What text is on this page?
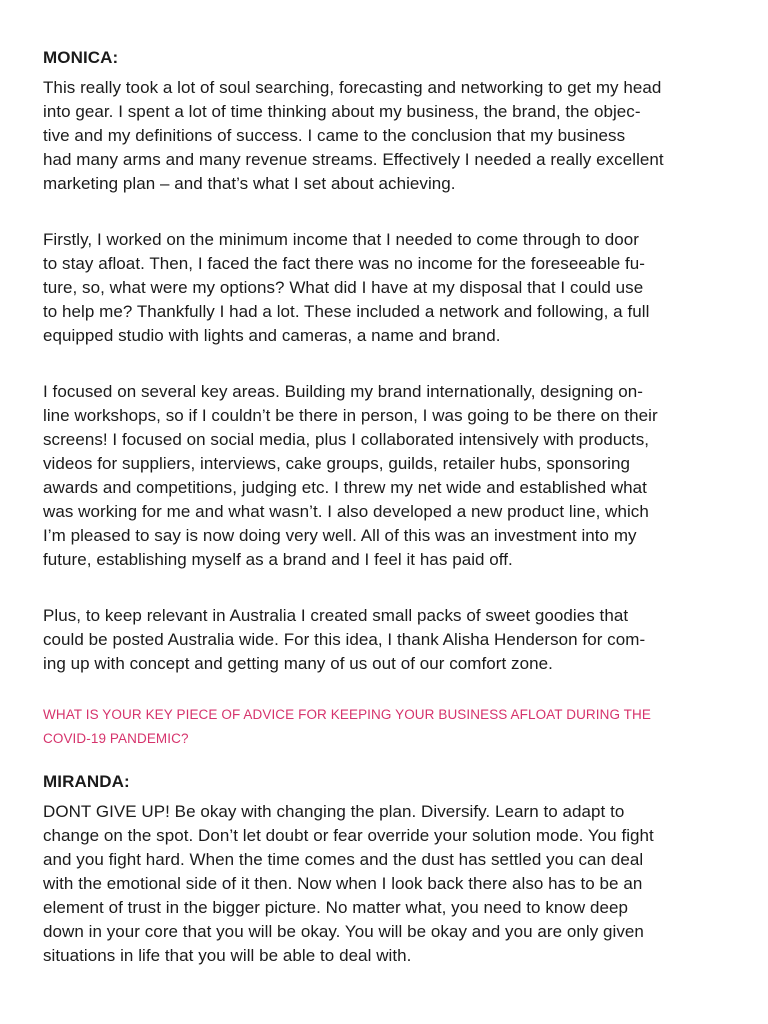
MONICA:

This really took a lot of soul searching, forecasting and networking to get my head
into gear. I spent a lot of time thinking about my business, the brand, the objec-
tive and my definitions of success. I came to the conclusion that my business
had many arms and many revenue streams. Effectively I needed a really excellent
marketing plan – and that’s what I set about achieving.

Firstly, I worked on the minimum income that I needed to come through to door
to stay afloat. Then, I faced the fact there was no income for the foreseeable fu-
ture, so, what were my options? What did I have at my disposal that I could use
to help me? Thankfully I had a lot. These included a network and following, a full
equipped studio with lights and cameras, a name and brand.

I focused on several key areas. Building my brand internationally, designing on-
line workshops, so if I couldn’t be there in person, I was going to be there on their
screens! I focused on social media, plus I collaborated intensively with products,
videos for suppliers, interviews, cake groups, guilds, retailer hubs, sponsoring
awards and competitions, judging etc. I threw my net wide and established what
was working for me and what wasn’t. I also developed a new product line, which
I’m pleased to say is now doing very well. All of this was an investment into my
future, establishing myself as a brand and I feel it has paid off.

Plus, to keep relevant in Australia I created small packs of sweet goodies that
could be posted Australia wide. For this idea, I thank Alisha Henderson for com-
ing up with concept and getting many of us out of our comfort zone.

WHAT IS YOUR KEY PIECE OF ADVICE FOR KEEPING YOUR BUSINESS AFLOAT DURING THE
COVID-19 PANDEMIC?

MIRANDA:

DONT GIVE UP! Be okay with changing the plan. Diversify. Learn to adapt to
change on the spot. Don’t let doubt or fear override your solution mode. You fight
and you fight hard. When the time comes and the dust has settled you can deal
with the emotional side of it then. Now when I look back there also has to be an
element of trust in the bigger picture. No matter what, you need to know deep
down in your core that you will be okay. You will be okay and you are only given
situations in life that you will be able to deal with.
